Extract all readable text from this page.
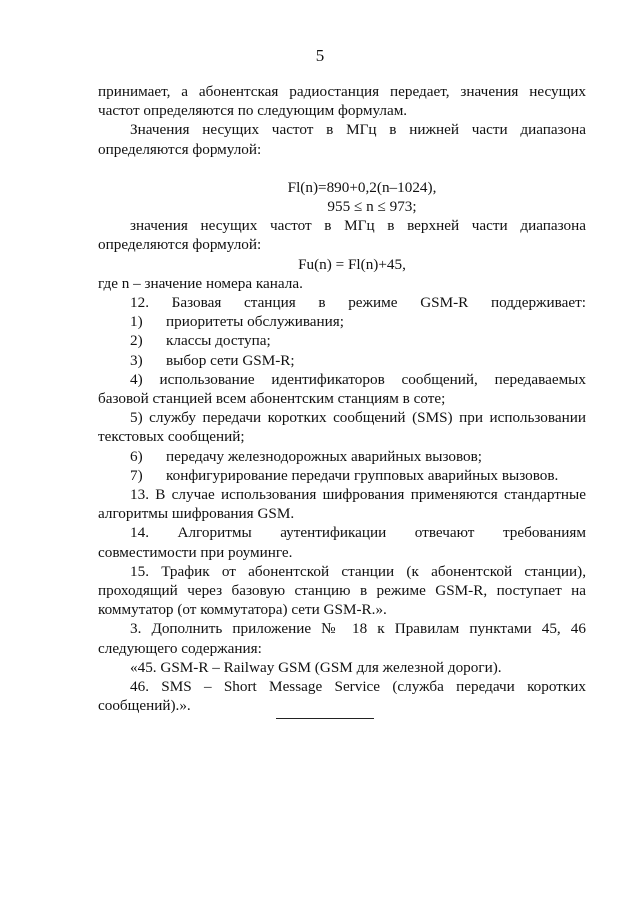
5

принимает, а абонентская радиостанция передает, значения несущих частот определяются по следующим формулам.

Значения несущих частот в МГц в нижней части диапазона определяются формулой:

Fl(n)=890+0,2(n–1024),

955 ≤ n ≤ 973;

значения несущих частот в МГц в верхней части диапазона определяются формулой:

Fu(n) = Fl(n)+45,

где n – значение номера канала.

12. Базовая станция в режиме GSM-R поддерживает:

1) приоритеты обслуживания;

2) классы доступа;

3) выбор сети GSM-R;

4) использование идентификаторов сообщений, передаваемых базовой станцией всем абонентским станциям в соте;

5) службу передачи коротких сообщений (SMS) при использовании текстовых сообщений;

6) передачу железнодорожных аварийных вызовов;

7) конфигурирование передачи групповых аварийных вызовов.

13. В случае использования шифрования применяются стандартные алгоритмы шифрования GSM.

14. Алгоритмы аутентификации отвечают требованиям совместимости при роуминге.

15. Трафик от абонентской станции (к абонентской станции), проходящий через базовую станцию в режиме GSM-R, поступает на коммутатор (от коммутатора) сети GSM-R.».

3. Дополнить приложение № 18 к Правилам пунктами 45, 46 следующего содержания:

«45. GSM-R – Railway GSM (GSM для железной дороги).

46. SMS – Short Message Service (служба передачи коротких сообщений).».
